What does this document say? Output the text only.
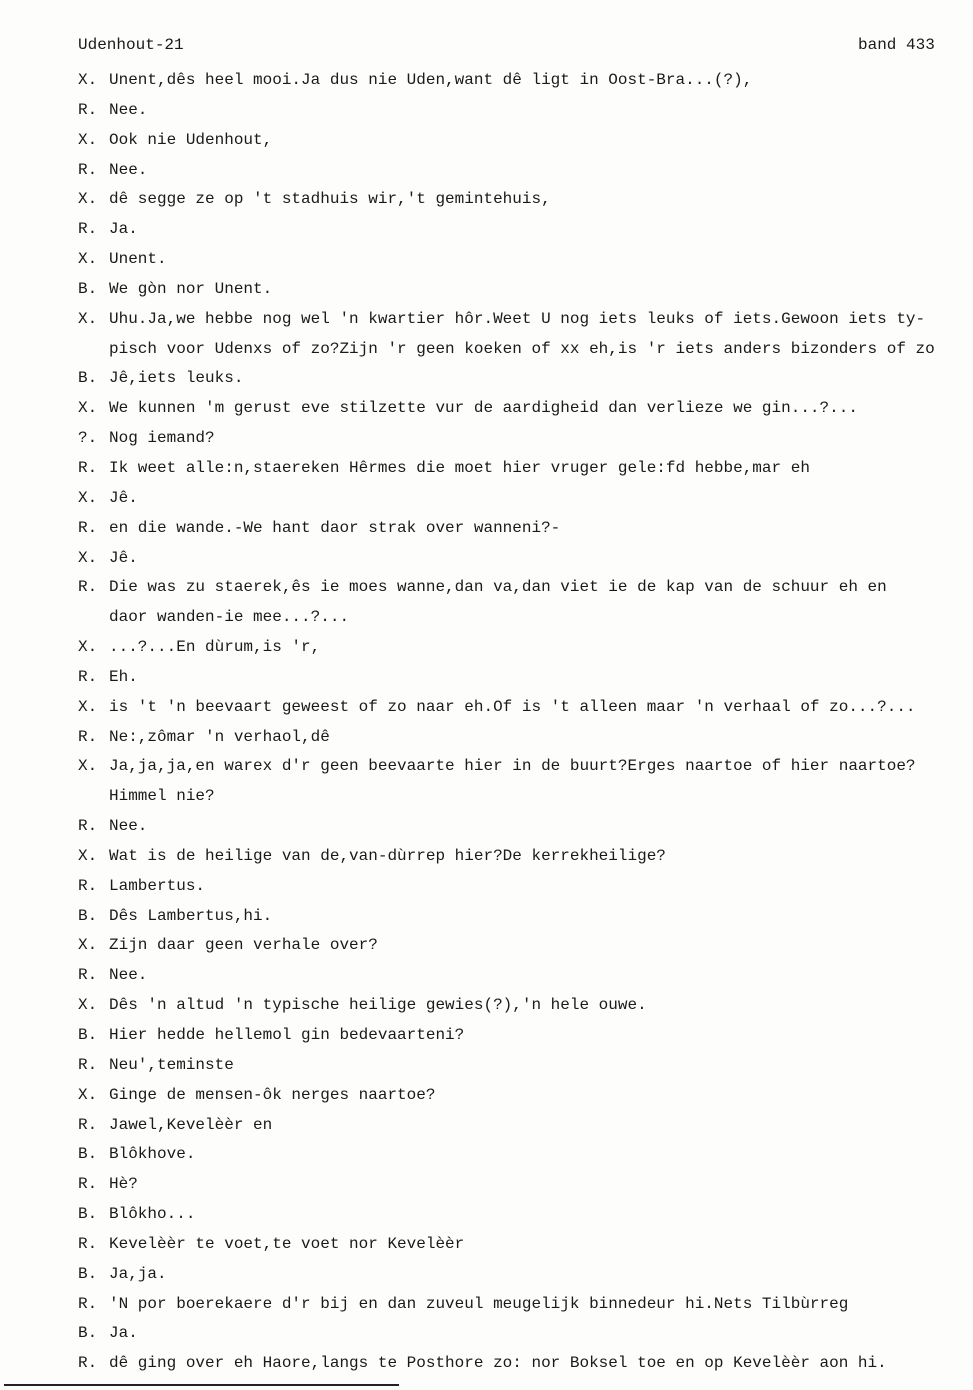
Udenhout-21	band 433
X. Unent,dês heel mooi.Ja dus nie Uden,want dê ligt in Oost-Bra...(?),
R. Nee.
X. Ook nie Udenhout,
R. Nee.
X. dê segge ze op 't stadhuis wir,'t gemintehuis,
R. Ja.
X. Unent.
B. We gòn nor Unent.
X. Uhu.Ja,we hebbe nog wel 'n kwartier hôr.Weet U nog iets leuks of iets.Gewoon iets ty-
pisch voor Udenxs of zo?Zijn 'r geen koeken of xx eh,is 'r iets anders bizonders of zo
B. Jê,iets leuks.
X. We kunnen 'm gerust eve stilzette vur de aardigheid dan verlieze we gin...?...
?. Nog iemand?
R. Ik weet alle:n,staereken Hêrmes die moet hier vruger gele:fd hebbe,mar eh
X. Jê.
R. en die wande.-We hant daor strak over wanneni?-
X. Jê.
R. Die was zu staerek,ês ie moes wanne,dan va,dan viet ie de kap van de schuur eh en
daor wanden-ie mee...?...
X. ...?...En dùrum,is 'r,
R. Eh.
X. is 't 'n beevaart geweest of zo naar eh.Of is 't alleen maar 'n verhaal of zo...?...
R. Ne:,zômar 'n verhaol,dê
X. Ja,ja,ja,en warex d'r geen beevaarte hier in de buurt?Erges naartoe of hier naartoe?
Himmel nie?
R. Nee.
X. Wat is de heilige van de,van-dùrrep hier?De kerrekheilige?
R. Lambertus.
B. Dês Lambertus,hi.
X. Zijn daar geen verhale over?
R. Nee.
X. Dês 'n altud 'n typische heilige gewies(?),'n hele ouwe.
B. Hier hedde hellemol gin bedevaarteni?
R. Neu',teminste
X. Ginge de mensen-ôk nerges naartoe?
R. Jawel,Kevelèèr en
B. Blôkhove.
R. Hè?
B. Blôkho...
R. Kevelèèr te voet,te voet nor Kevelèèr
B. Ja,ja.
R. 'N por boerekaere d'r bij en dan zuveul meugelijk binnedeur hi.Nets Tilbùrreg
B. Ja.
R. dê ging over eh Haore,langs te Posthore zo: nor Boksel toe en op Kevelèèr aon hi.
